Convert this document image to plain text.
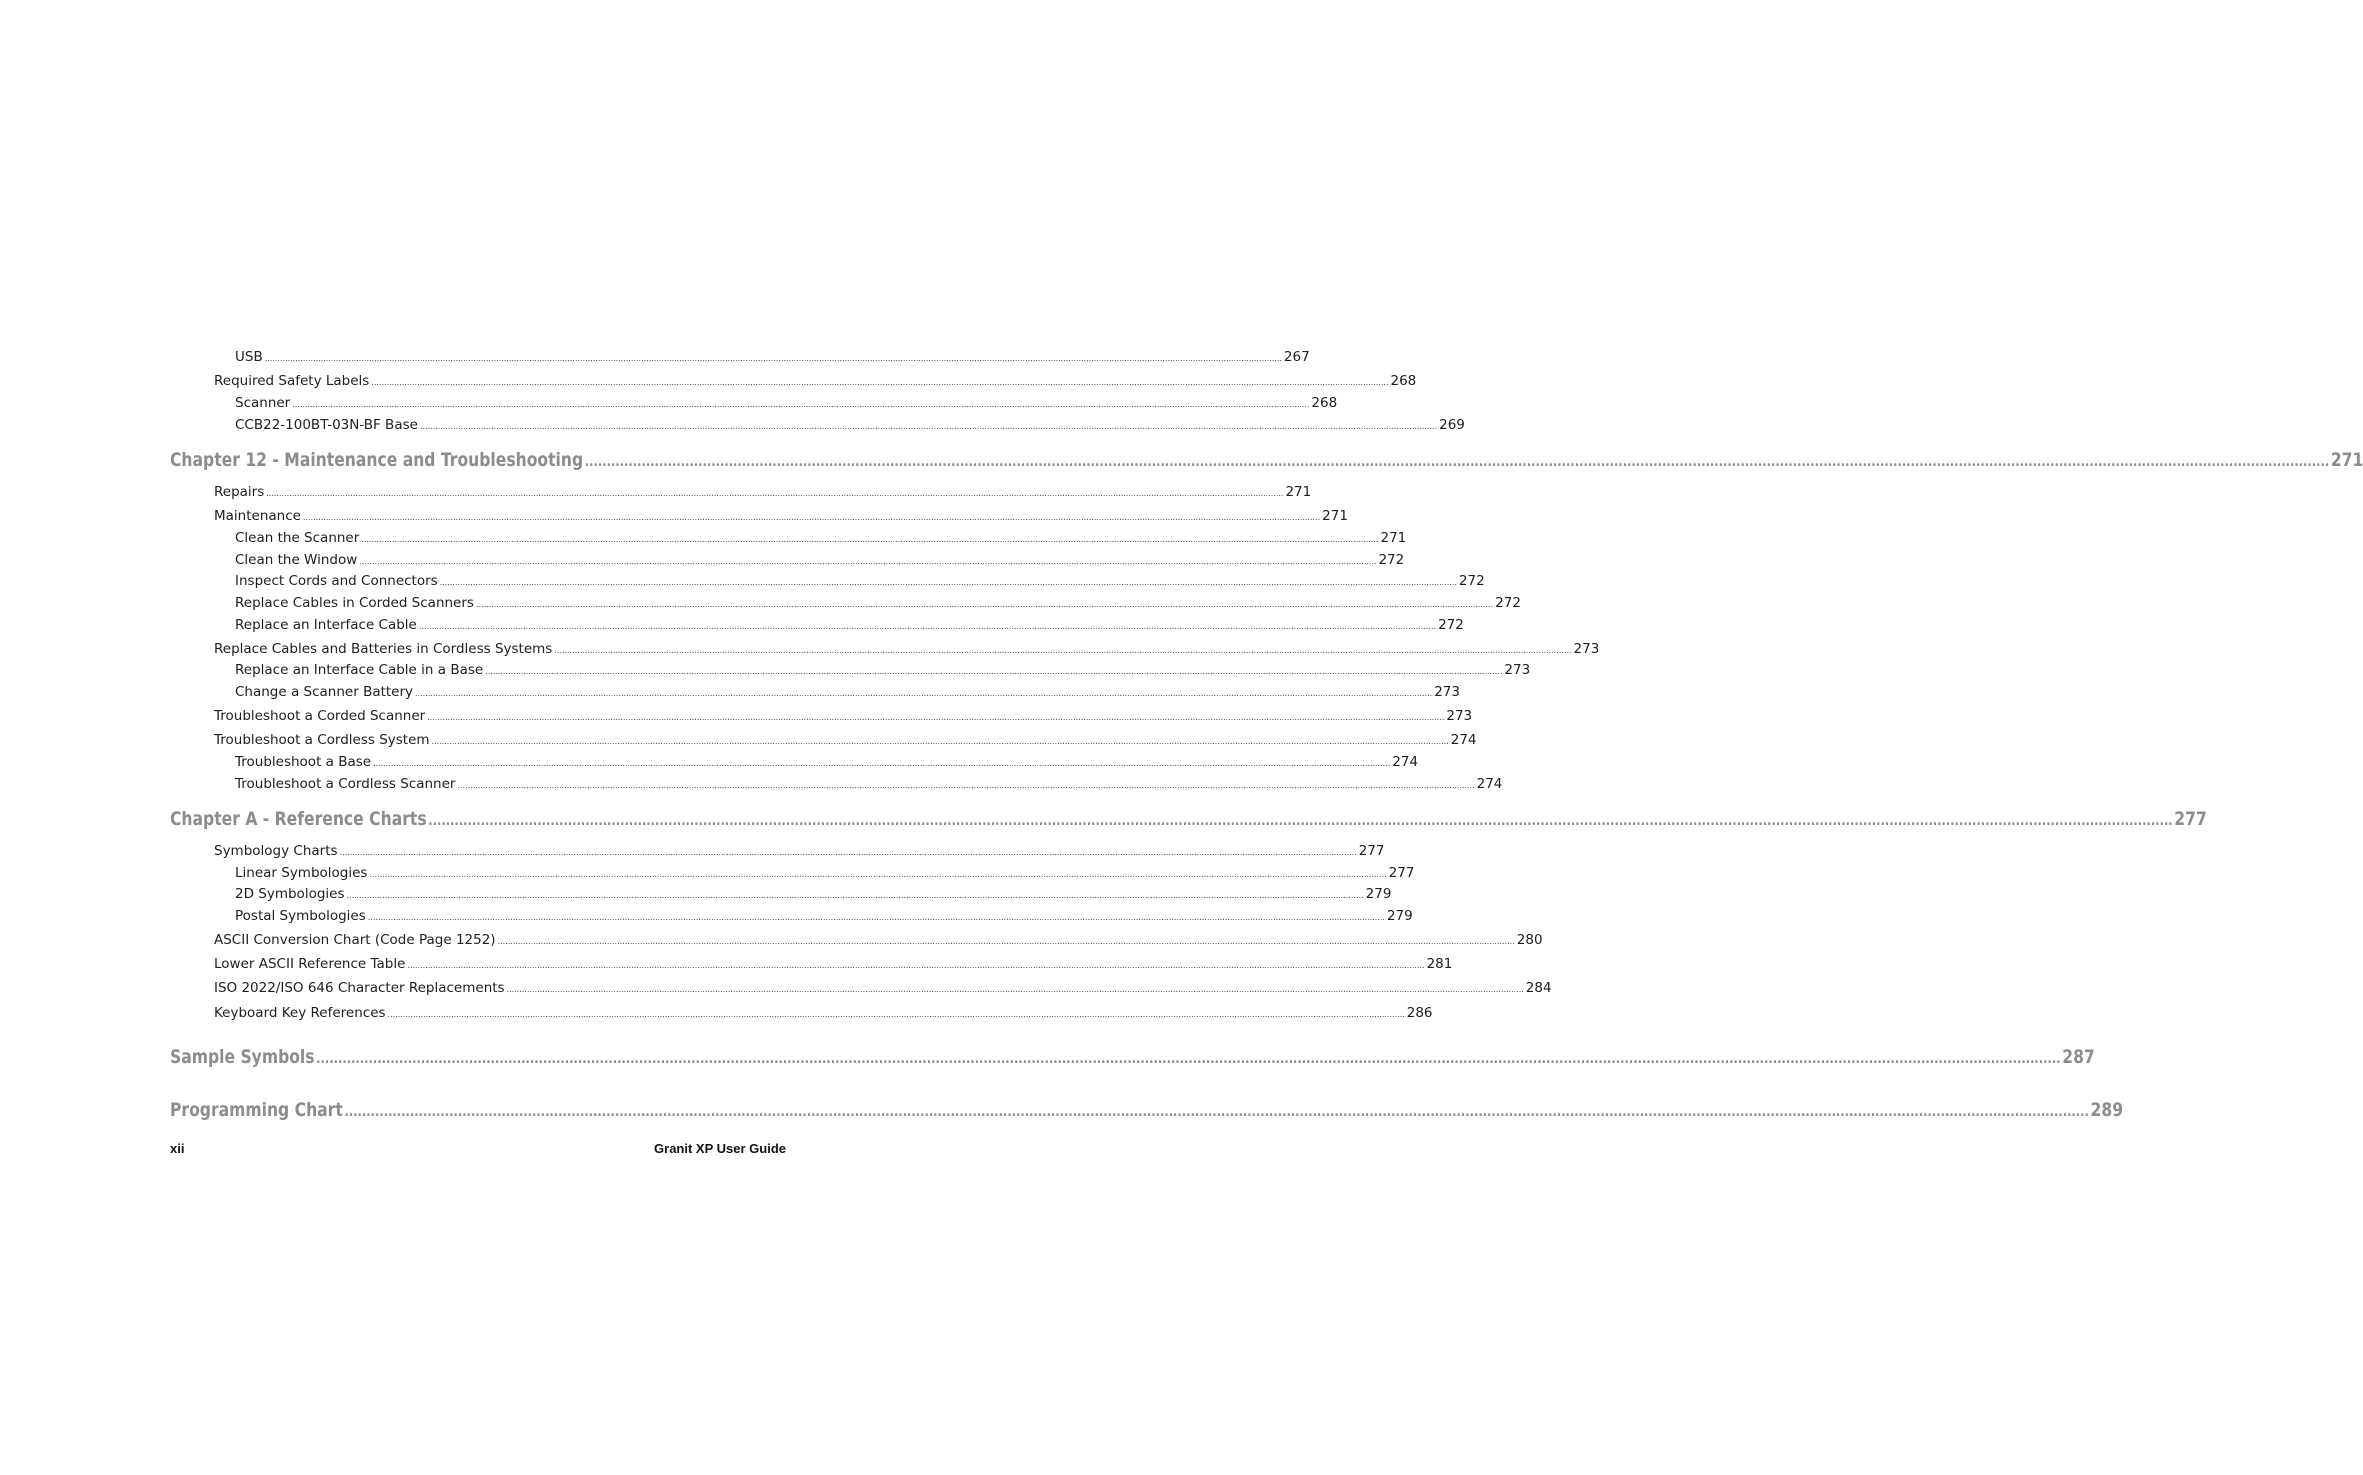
USB ................................................................................................................................................................................................................................................................................................................................................................................................................ 267
Required Safety Labels ................................................................................................................................................................................................................................................................................................................................................................................................................ 268
Scanner ................................................................................................................................................................................................................................................................................................................................................................................................................ 268
CCB22-100BT-03N-BF Base ................................................................................................................................................................................................................................................................................................................................................................................................................ 269
Chapter 12 - Maintenance and Troubleshooting ................................................................................................................................................................................................................................................................................................................................................................................................................ 271
Repairs ................................................................................................................................................................................................................................................................................................................................................................................................................ 271
Maintenance ................................................................................................................................................................................................................................................................................................................................................................................................................ 271
Clean the Scanner ................................................................................................................................................................................................................................................................................................................................................................................................................ 271
Clean the Window ................................................................................................................................................................................................................................................................................................................................................................................................................ 272
Inspect Cords and Connectors ................................................................................................................................................................................................................................................................................................................................................................................................................ 272
Replace Cables in Corded Scanners ................................................................................................................................................................................................................................................................................................................................................................................................................ 272
Replace an Interface Cable ................................................................................................................................................................................................................................................................................................................................................................................................................ 272
Replace Cables and Batteries in Cordless Systems ................................................................................................................................................................................................................................................................................................................................................................................................................ 273
Replace an Interface Cable in a Base ................................................................................................................................................................................................................................................................................................................................................................................................................ 273
Change a Scanner Battery ................................................................................................................................................................................................................................................................................................................................................................................................................ 273
Troubleshoot a Corded Scanner ................................................................................................................................................................................................................................................................................................................................................................................................................ 273
Troubleshoot a Cordless System ................................................................................................................................................................................................................................................................................................................................................................................................................ 274
Troubleshoot a Base ................................................................................................................................................................................................................................................................................................................................................................................................................ 274
Troubleshoot a Cordless Scanner ................................................................................................................................................................................................................................................................................................................................................................................................................ 274
Chapter A - Reference Charts ................................................................................................................................................................................................................................................................................................................................................................................................................ 277
Symbology Charts ................................................................................................................................................................................................................................................................................................................................................................................................................ 277
Linear Symbologies ................................................................................................................................................................................................................................................................................................................................................................................................................ 277
2D Symbologies ................................................................................................................................................................................................................................................................................................................................................................................................................ 279
Postal Symbologies ................................................................................................................................................................................................................................................................................................................................................................................................................ 279
ASCII Conversion Chart (Code Page 1252) ................................................................................................................................................................................................................................................................................................................................................................................................................ 280
Lower ASCII Reference Table ................................................................................................................................................................................................................................................................................................................................................................................................................ 281
ISO 2022/ISO 646 Character Replacements ................................................................................................................................................................................................................................................................................................................................................................................................................ 284
Keyboard Key References ................................................................................................................................................................................................................................................................................................................................................................................................................ 286
Sample Symbols ................................................................................................................................................................................................................................................................................................................................................................................................................ 287
Programming Chart ................................................................................................................................................................................................................................................................................................................................................................................................................ 289
xii	Granit XP User Guide
